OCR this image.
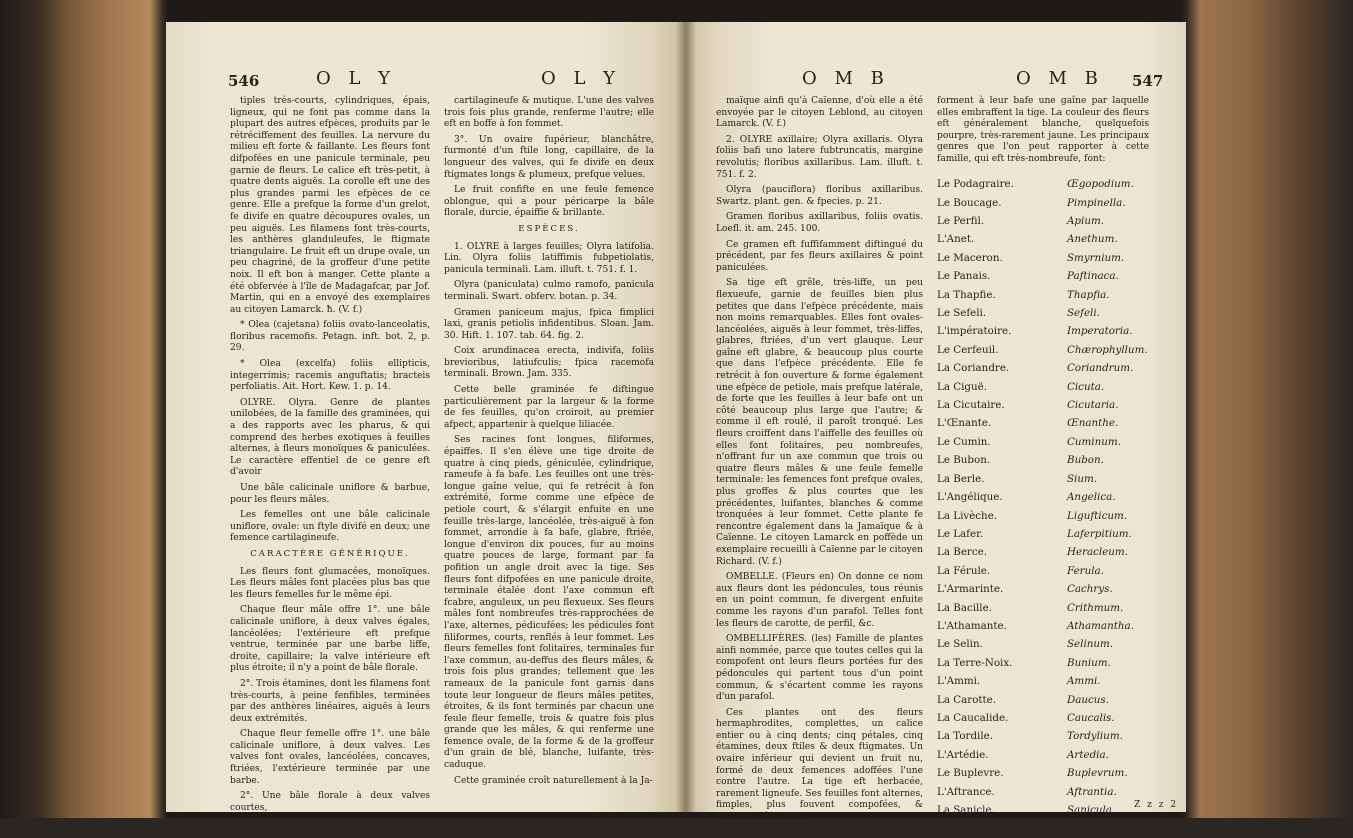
546	O L Y	O L Y

tiples très-courts, cylindriques, épais, ligneux, qui ne font pas comme dans la plupart des autres efpèces, produits par le rétréciffement des feuilles. La nervure du milieu eft forte & faillante. Les fleurs font difpofées en une panicule terminale, peu garnie de fleurs. Le calice eft très-petit, à quatre dents aiguës. La corolle eft une des plus grandes parmi les efpèces de ce genre. Elle a prefque la forme d'un grelot, fe divife en quatre découpures ovales, un peu aiguës. Les filamens font très-courts, les anthères glanduleufes, le ftigmate triangulaire. Le fruit eft un drupe ovale, un peu chagriné, de la groffeur d'une petite noix. Il eft bon à manger. Cette plante a été obfervée à l'île de Madagafcar, par Jof. Martin, qui en a envoyé des exemplaires au citoyen Lamarck. ħ. (V. f.)

* Olea (cajetana) foliis ovato-lanceolatis, floribus racemofis. Petagn. inft. bot. 2, p. 29.

* Olea (excelfa) foliis ellipticis, integerrimis; racemis anguftatis; bracteis perfoliatis. Ait. Hort. Kew. 1. p. 14.

OLYRE. Olyra. Genre de plantes unilobées, de la famille des graminées, qui a des rapports avec les pharus, & qui comprend des herbes exotiques à feuilles alternes, à fleurs monoïques & paniculées. Le caractère effentiel de ce genre eft d'avoir

Une bâle calicinale uniflore & barbue, pour les fleurs mâles.

Les femelles ont une bâle calicinale uniflore, ovale: un ftyle divifé en deux; une femence cartilagineufe.

CARACTÈRE GÉNÉRIQUE.

Les fleurs font glumacées, monoïques. Les fleurs mâles font placées plus bas que les fleurs femelles fur le même épi.

Chaque fleur mâle offre 1°. une bâle calicinale uniflore, à deux valves égales, lancéolées; l'extérieure eft prefque ventrue, terminée par une barbe liffe, droite, capillaire; la valve intérieure eft plus étroite; il n'y a point de bâle florale.

2°. Trois étamines, dont les filamens font très-courts, à peine fenfibles, terminées par des anthères linéaires, aiguës à leurs deux extrémités.

Chaque fleur femelle offre 1°. une bâle calicinale uniflore, à deux valves. Les valves font ovales, lancéolées, concaves, ftriées, l'extérieure terminée par une barbe.

2°. Une bâle florale à deux valves courtes,

cartilagineufe & mutique. L'une des valves trois fois plus grande, renferme l'autre; elle eft en boffe à fon fommet.

3°. Un ovaire fupérieur, blanchâtre, furmonté d'un ftile long, capillaire, de la longueur des valves, qui fe divife en deux ftigmates longs & plumeux, prefque velues.

Le fruit confifte en une feule femence oblongue, qui a pour péricarpe la bâle florale, durcie, épaiffie & brillante.

ESPÈCES.

1. OLYRE à larges feuilles; Olyra latifolia. Lin. Olyra foliis latiffimis fubpetiolatis, panicula terminali. Lam. illuft. t. 751. f. 1.

Olyra (paniculata) culmo ramofo, panicula terminali. Swart. obferv. botan. p. 34.

Gramen paniceum majus, fpica fimplici laxi, granis petiolis infidentibus. Sloan. Jam. 30. Hift. 1. 107. tab. 64. fig. 2.

Coix arundinacea erecta, indivifa, foliis brevioribus, latiufculis; fpica racemofa terminali. Brown. Jam. 335.

Cette belle graminée fe diftingue particulièrement par la largeur & la forme de fes feuilles, qu'on croiroit, au premier afpect, appartenir à quelque liliacée.

Ses racines font longues, filiformes, épaiffes. Il s'en élève une tige droite de quatre à cinq pieds, géniculée, cylindrique, rameufe à fa bafe. Les feuilles ont une très-longue gaîne velue, qui fe retrécit à fon extrémité, forme comme une efpèce de petiole court, & s'élargit enfuite en une feuille très-large, lancéolée, très-aiguë à fon fommet, arrondie à fa bafe, glabre, ftriée, longue d'environ dix pouces, fur au moins quatre pouces de large, formant par fa pofition un angle droit avec la tige. Ses fleurs font difpofées en une panicule droite, terminale étalée dont l'axe commun eft fcabre, anguleux, un peu flexueux. Ses fleurs mâles font nombreufes très-rapprochées de l'axe, alternes, pédicufées; les pédicules font filiformes, courts, renflés à leur fommet. Les fleurs femelles font folitaires, terminales fur l'axe commun, au-deffus des fleurs mâles, & trois fois plus grandes; tellement que les rameaux de la panicule font garnis dans toute leur longueur de fleurs mâles petites, étroites, & ils font terminés par chacun une feule fleur femelle, trois & quatre fois plus grande que les mâles, & qui renferme une femence ovale, de la forme & de la groffeur d'un grain de blé, blanche, luifante, très-caduque.

Cette graminée croît naturellement à la Ja-

O M B	O M B 547

maïque ainfi qu'à Caïenne, d'où elle a été envoyée par le citoyen Leblond, au citoyen Lamarck. (V. f.)

2. OLYRE axillaire; Olyra axillaris. Olyra foliis bafi uno latere fubtruncatis, margine revolutis; floribus axillaribus. Lam. illuft. t. 751. f. 2.

Olyra (pauciflora) floribus axillaribus. Swartz. plant. gen. & fpecies. p. 21.

Gramen floribus axillaribus, foliis ovatis. Loefl. it. am. 245. 100.

Ce gramen eft fuffifamment diftingué du précédent, par fes fleurs axillaires & point paniculées.

Sa tige eft grêle, très-liffe, un peu flexueufe, garnie de feuilles bien plus petites que dans l'efpèce précédente, mais non moins remarquables. Elles font ovales-lancéolées, aiguës à leur fommet, très-liffes, glabres, ftriées, d'un vert glauque. Leur gaîne eft glabre, & beaucoup plus courte que dans l'efpèce précédente. Elle fe retrécit à fon ouverture & forme également une efpèce de petiole, mais prefque latérale, de forte que les feuilles à leur bafe ont un côté beaucoup plus large que l'autre; & comme il eft roulé, il paroît tronqué. Les fleurs croiffent dans l'aiffelle des feuilles où elles font folitaires, peu nombreufes, n'offrant fur un axe commun que trois ou quatre fleurs mâles & une feule femelle terminale: les femences font prefque ovales, plus groffes & plus courtes que les précédentes, luifantes, blanches & comme tronquées à leur fommet. Cette plante fe rencontre également dans la Jamaïque & à Caïenne. Le citoyen Lamarck en poffède un exemplaire recueilli à Caïenne par le citoyen Richard. (V. f.)

OMBELLE. (Fleurs en) On donne ce nom aux fleurs dont les pédoncules, tous réunis en un point commun, fe divergent enfuite comme les rayons d'un parafol. Telles font les fleurs de carotte, de perfil, &c.

OMBELLIFÈRES. (les) Famille de plantes ainfi nommée, parce que toutes celles qui la compofent ont leurs fleurs portées fur des pédoncules qui partent tous d'un point commun, & s'écartent comme les rayons d'un parafol.

Ces plantes ont des fleurs hermaphrodites, complettes, un calice entier ou à cinq dents; cinq pétales, cinq étamines, deux ftiles & deux ftigmates. Un ovaire inférieur qui devient un fruit nu, formé de deux femences adoffées l'une contre l'autre. La tige eft herbacée, rarement ligneufe. Ses feuilles font alternes, fimples, plus fouvent compofées, & furcompofées. Elles

forment à leur bafe une gaîne par laquelle elles embraffent la tige. La couleur des fleurs eft généralement blanche, quelquefois pourpre, très-rarement jaune. Les principaux genres que l'on peut rapporter à cette famille, qui eft très-nombreufe, font:

Le Podagraire.	Œgopodium.
Le Boucage.	Pimpinella.
Le Perfil.	Apium.
L'Anet.	Anethum.
Le Maceron.	Smyrnium.
Le Panais.	Paftinaca.
La Thapfie.	Thapfia.
Le Sefeli.	Sefeli.
L'impératoire.	Imperatoria.
Le Cerfeuil.	Chærophyllum.
La Coriandre.	Coriandrum.
La Ciguë.	Cicuta.
La Cicutaire.	Cicutaria.
L'Œnante.	Œnanthe.
Le Cumin.	Cuminum.
Le Bubon.	Bubon.
La Berle.	Sium.
L'Angélique.	Angelica.
La Livèche.	Ligufticum.
Le Lafer.	Laferpitium.
La Berce.	Heracleum.
La Férule.	Ferula.
L'Armarinte.	Cachrys.
La Bacille.	Crithmum.
L'Athamante.	Athamantha.
Le Selin.	Selinum.
La Terre-Noix.	Bunium.
L'Ammi.	Ammi.
La Carotte.	Daucus.
La Caucalide.	Caucalis.
La Tordile.	Tordylium.
L'Artédie.	Artedia.
Le Buplevre.	Buplevrum.
L'Aftrance.	Aftrantia.
La Sanicle.	Sanicula.
L'Échinophore.	Echinophora.
Z z z 2
